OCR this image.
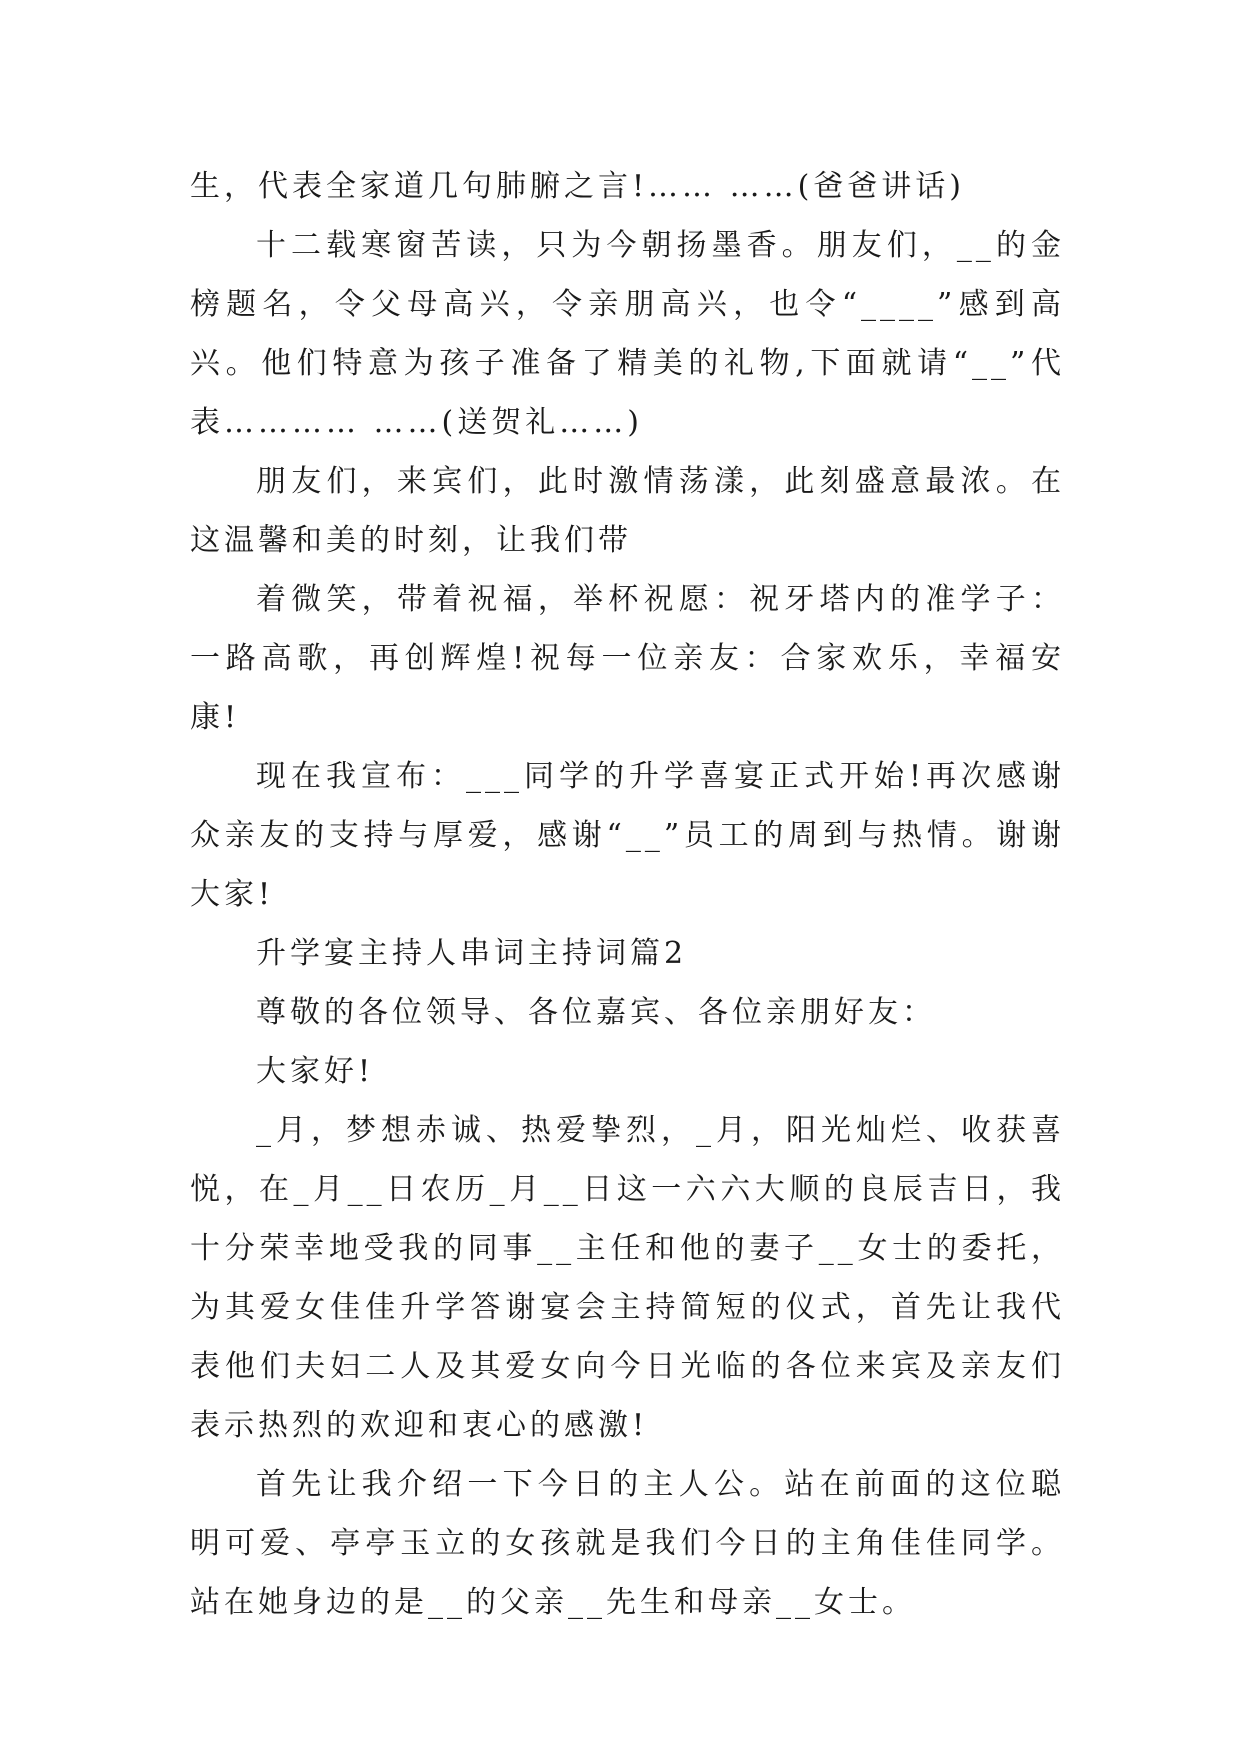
生，代表全家道几句肺腑之言!…… ……(爸爸讲话)

十二载寒窗苦读，只为今朝扬墨香。朋友们，__的金榜题名，令父母高兴，令亲朋高兴，也令“____”感到高兴。他们特意为孩子准备了精美的礼物,下面就请“__”代表………… ……(送贺礼……)

朋友们，来宾们，此时激情荡漾，此刻盛意最浓。在这温馨和美的时刻，让我们带

着微笑，带着祝福，举杯祝愿：祝牙塔内的准学子：一路高歌，再创辉煌!祝每一位亲友：合家欢乐，幸福安康!

现在我宣布：___同学的升学喜宴正式开始!再次感谢众亲友的支持与厚爱，感谢“__”员工的周到与热情。谢谢大家!

升学宴主持人串词主持词篇2

尊敬的各位领导、各位嘉宾、各位亲朋好友：

大家好!

_月，梦想赤诚、热爱挚烈，_月，阳光灿烂、收获喜悦，在_月__日农历_月__日这一六六大顺的良辰吉日，我十分荣幸地受我的同事__主任和他的妻子__女士的委托，为其爱女佳佳升学答谢宴会主持简短的仪式，首先让我代表他们夫妇二人及其爱女向今日光临的各位来宾及亲友们表示热烈的欢迎和衷心的感激!

首先让我介绍一下今日的主人公。站在前面的这位聪明可爱、亭亭玉立的女孩就是我们今日的主角佳佳同学。站在她身边的是__的父亲__先生和母亲__女士。
